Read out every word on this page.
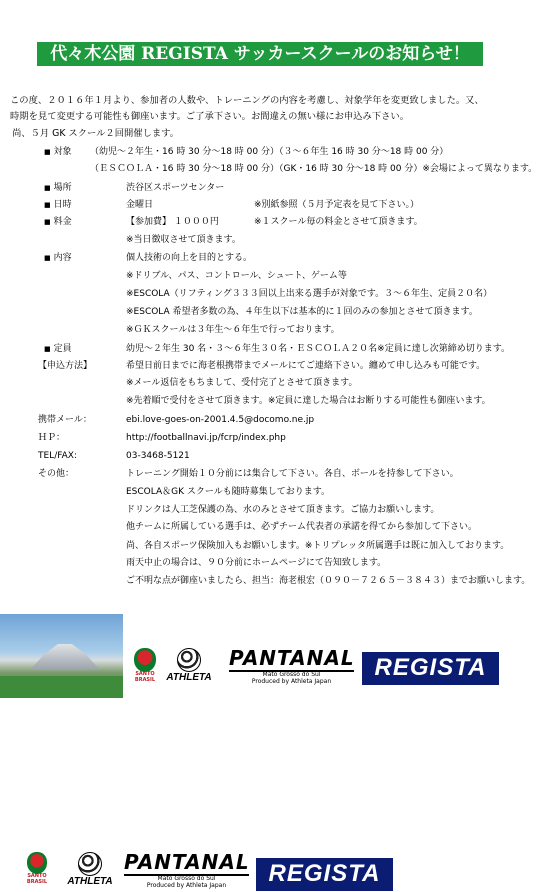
代々木公園 REGISTA サッカースクールのお知らせ！
この度、２０１６年１月より、参加者の人数や、トレーニングの内容を考慮し、対象学年を変更致しました。又、
時期を見て変更する可能性も御座います。ご了承下さい。お間違えの無い様にお申込み下さい。
尚、５月 GK スクール２回開催します。
■ 対象 （幼児～２年生・16 時 30 分～18 時 00 分）（３～６年生 16 時 30 分～18 時 00 分）
（ＥＳＣＯＬＡ・16 時 30 分～18 時 00 分）（GK・16 時 30 分～18 時 00 分）※会場によって異なります。
■ 場所	渋谷区スポーツセンター
■ 日時	金曜日	※別紙参照（５月予定表を見て下さい。）
■ 料金	【参加費】 １０００円	※１スクール毎の料金とさせて頂きます。
※当日徴収させて頂きます。
■ 内容	個人技術の向上を目的とする。
※ドリブル、パス、コントロール、シュート、ゲーム等
※ESCOLA（リフティング３３３回以上出来る選手が対象です。３～６年生、定員２０名）
※ESCOLA 希望者多数の為、４年生以下は基本的に１回のみの参加とさせて頂きます。
※ＧＫスクールは３年生～６年生で行っております。
■ 定員	幼児～２年生 30 名・３～６年生３０名・ＥＳＣＯＬＡ２０名※定員に達し次第締め切ります。
【申込方法】	希望日前日までに海老根携帯までメールにてご連絡下さい。纏めて申し込みも可能です。
※メール返信をもちまして、受付完了とさせて頂きます。
※先着順で受付をさせて頂きます。※定員に達した場合はお断りする可能性も御座います。
携帯メール：	ebi.love-goes-on-2001.4.5@docomo.ne.jp
ＨＰ：	http://footballnavi.jp/fcrp/index.php
TEL/FAX:	03-3468-5121
その他：	トレーニング開始１０分前には集合して下さい。各自、ボールを持参して下さい。
ESCOLA＆GK スクールも随時募集しております。
ドリンクは人工芝保護の為、水のみとさせて頂きます。ご協力お願いします。
他チームに所属している選手は、必ずチーム代表者の承諾を得てから参加して下さい。
尚、各自スポーツ保険加入もお願いします。※トリプレッタ所属選手は既に加入しております。
雨天中止の場合は、９０分前にホームページにて告知致します。
ご不明な点が御座いましたら、担当：海老根宏（０９０－７２６５－３８４３）までお願いします。
SANTO BRASIL	ATHLETA
PANTANAL
Mato Grosso do Sul
Produced by Athleta Japan	REGISTA
SANTO BRASIL	ATHLETA
PANTANAL
Mato Grosso do Sul
Produced by Athleta Japan	REGISTA
